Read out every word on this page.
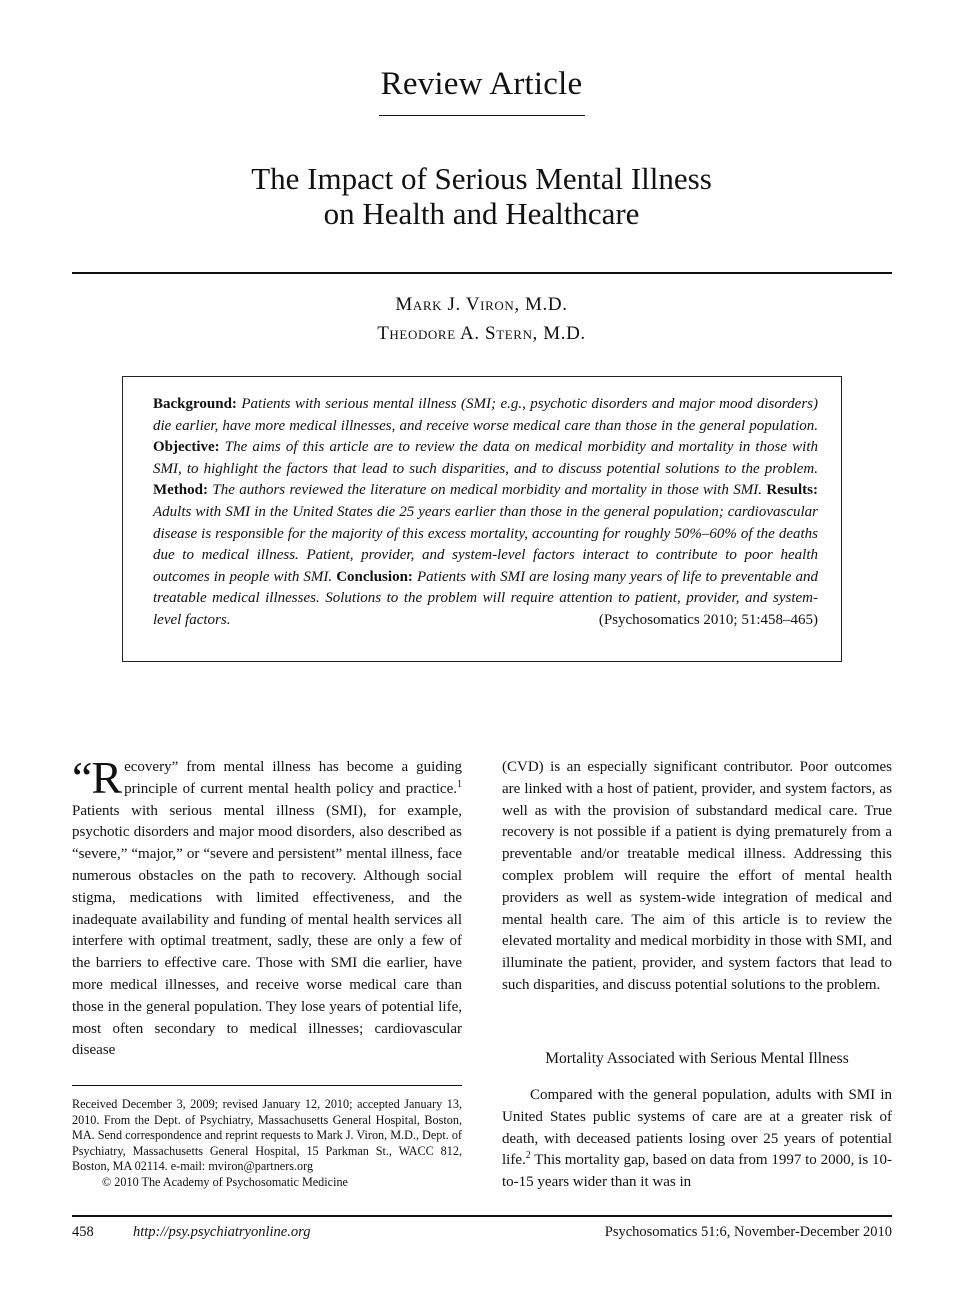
Review Article
The Impact of Serious Mental Illness
on Health and Healthcare
Mark J. Viron, M.D.
Theodore A. Stern, M.D.
Background: Patients with serious mental illness (SMI; e.g., psychotic disorders and major mood disorders) die earlier, have more medical illnesses, and receive worse medical care than those in the general population. Objective: The aims of this article are to review the data on medical morbidity and mortality in those with SMI, to highlight the factors that lead to such disparities, and to discuss potential solutions to the problem. Method: The authors reviewed the literature on medical morbidity and mortality in those with SMI. Results: Adults with SMI in the United States die 25 years earlier than those in the general population; cardiovascular disease is responsible for the majority of this excess mortality, accounting for roughly 50%–60% of the deaths due to medical illness. Patient, provider, and system-level factors interact to contribute to poor health outcomes in people with SMI. Conclusion: Patients with SMI are losing many years of life to preventable and treatable medical illnesses. Solutions to the problem will require attention to patient, provider, and system-level factors.	(Psychosomatics 2010; 51:458–465)
“Recovery” from mental illness has become a guiding principle of current mental health policy and practice.$^1$ Patients with serious mental illness (SMI), for example, psychotic disorders and major mood disorders, also described as “severe,” “major,” or “severe and persistent” mental illness, face numerous obstacles on the path to recovery. Although social stigma, medications with limited effectiveness, and the inadequate availability and funding of mental health services all interfere with optimal treatment, sadly, these are only a few of the barriers to effective care. Those with SMI die earlier, have more medical illnesses, and receive worse medical care than those in the general population. They lose years of potential life, most often secondary to medical illnesses; cardiovascular disease
Received December 3, 2009; revised January 12, 2010; accepted January 13, 2010. From the Dept. of Psychiatry, Massachusetts General Hospital, Boston, MA. Send correspondence and reprint requests to Mark J. Viron, M.D., Dept. of Psychiatry, Massachusetts General Hospital, 15 Parkman St., WACC 812, Boston, MA 02114. e-mail: mviron@partners.org
© 2010 The Academy of Psychosomatic Medicine
(CVD) is an especially significant contributor. Poor outcomes are linked with a host of patient, provider, and system factors, as well as with the provision of substandard medical care. True recovery is not possible if a patient is dying prematurely from a preventable and/or treatable medical illness. Addressing this complex problem will require the effort of mental health providers as well as system-wide integration of medical and mental health care. The aim of this article is to review the elevated mortality and medical morbidity in those with SMI, and illuminate the patient, provider, and system factors that lead to such disparities, and discuss potential solutions to the problem.
Mortality Associated with Serious Mental Illness
Compared with the general population, adults with SMI in United States public systems of care are at a greater risk of death, with deceased patients losing over 25 years of potential life.$^2$ This mortality gap, based on data from 1997 to 2000, is 10-to-15 years wider than it was in
458	http://psy.psychiatryonline.org	Psychosomatics 51:6, November-December 2010
